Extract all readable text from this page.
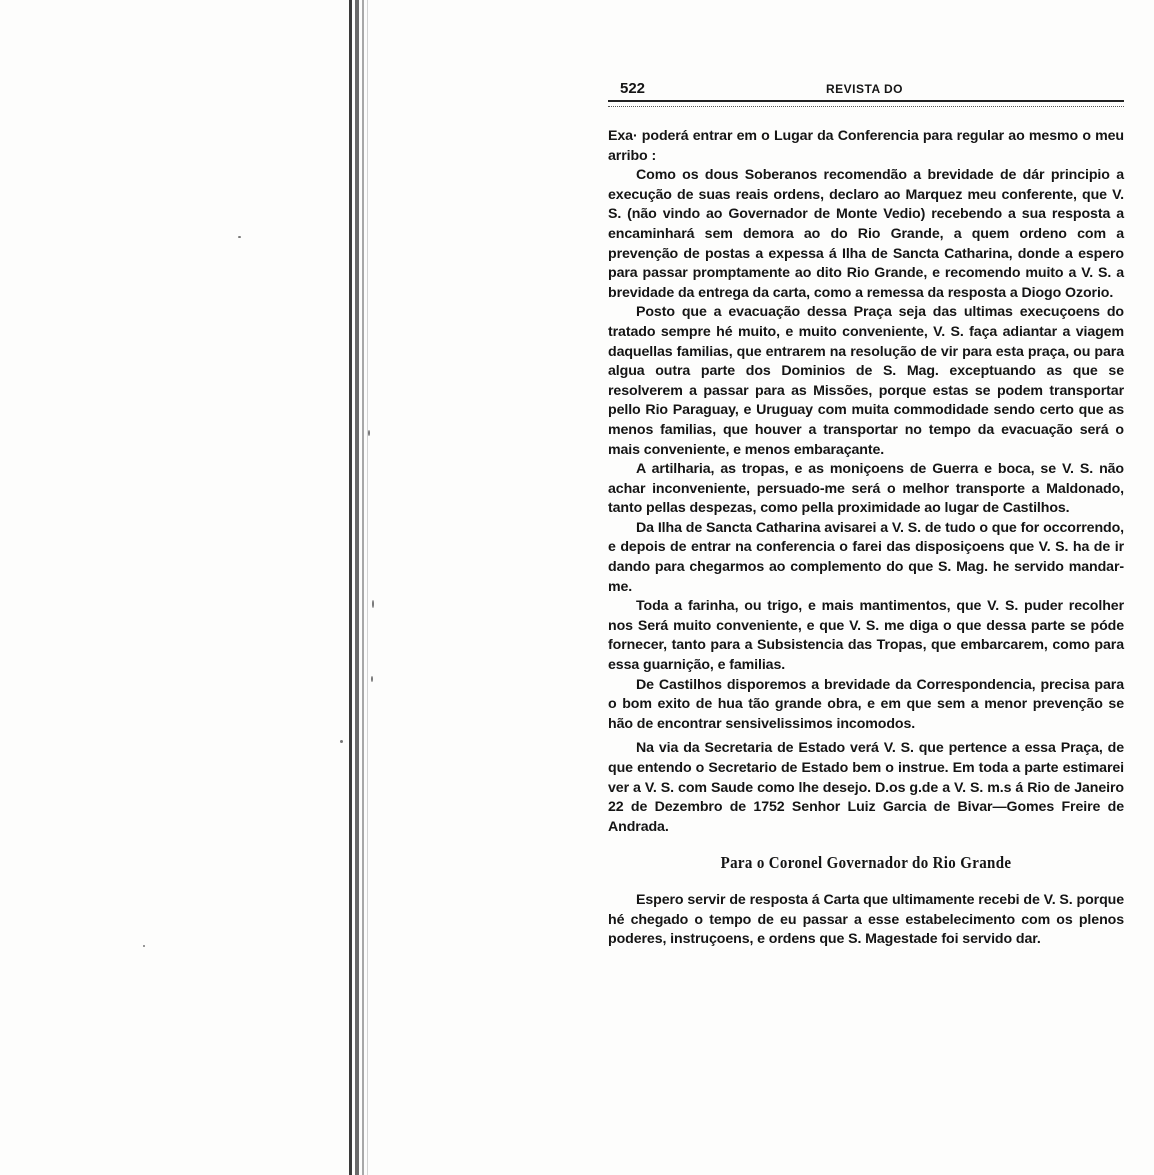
522	REVISTA DO

Exa· poderá entrar em o Lugar da Conferencia para regular ao mesmo o meu arribo :

Como os dous Soberanos recomendão a brevidade de dár principio a execução de suas reais ordens, declaro ao Marquez meu conferente, que V. S. (não vindo ao Governador de Monte Vedio) recebendo a sua resposta a encaminhará sem demora ao do Rio Grande, a quem ordeno com a prevenção de postas a expessa á Ilha de Sancta Catharina, donde a espero para passar promptamente ao dito Rio Grande, e recomendo muito a V. S. a brevidade da entrega da carta, como a remessa da resposta a Diogo Ozorio.

Posto que a evacuação dessa Praça seja das ultimas execuçoens do tratado sempre hé muito, e muito conveniente, V. S. faça adiantar a viagem daquellas familias, que entrarem na resolução de vir para esta praça, ou para algua outra parte dos Dominios de S. Mag. exceptuando as que se resolverem a passar para as Missões, porque estas se podem transportar pello Rio Paraguay, e Uruguay com muita commodidade sendo certo que as menos familias, que houver a transportar no tempo da evacuação será o mais conveniente, e menos embaraçante.

A artilharia, as tropas, e as moniçoens de Guerra e boca, se V. S. não achar inconveniente, persuado-me será o melhor transporte a Maldonado, tanto pellas despezas, como pella proximidade ao lugar de Castilhos.

Da Ilha de Sancta Catharina avisarei a V. S. de tudo o que for occorrendo, e depois de entrar na conferencia o farei das disposiçoens que V. S. ha de ir dando para chegarmos ao complemento do que S. Mag. he servido mandar-me.

Toda a farinha, ou trigo, e mais mantimentos, que V. S. puder recolher nos Será muito conveniente, e que V. S. me diga o que dessa parte se póde fornecer, tanto para a Subsistencia das Tropas, que embarcarem, como para essa guarnição, e familias.

De Castilhos disporemos a brevidade da Correspondencia, precisa para o bom exito de hua tão grande obra, e em que sem a menor prevenção se hão de encontrar sensivelissimos incomodos.

Na via da Secretaria de Estado verá V. S. que pertence a essa Praça, de que entendo o Secretario de Estado bem o instrue. Em toda a parte estimarei ver a V. S. com Saude como lhe desejo. D.os g.de a V. S. m.s á Rio de Janeiro 22 de Dezembro de 1752 Senhor Luiz Garcia de Bivar—Gomes Freire de Andrada.

Para o Coronel Governador do Rio Grande

Espero servir de resposta á Carta que ultimamente recebi de V. S. porque hé chegado o tempo de eu passar a esse estabelecimento com os plenos poderes, instruçoens, e ordens que S. Magestade foi servido dar.
